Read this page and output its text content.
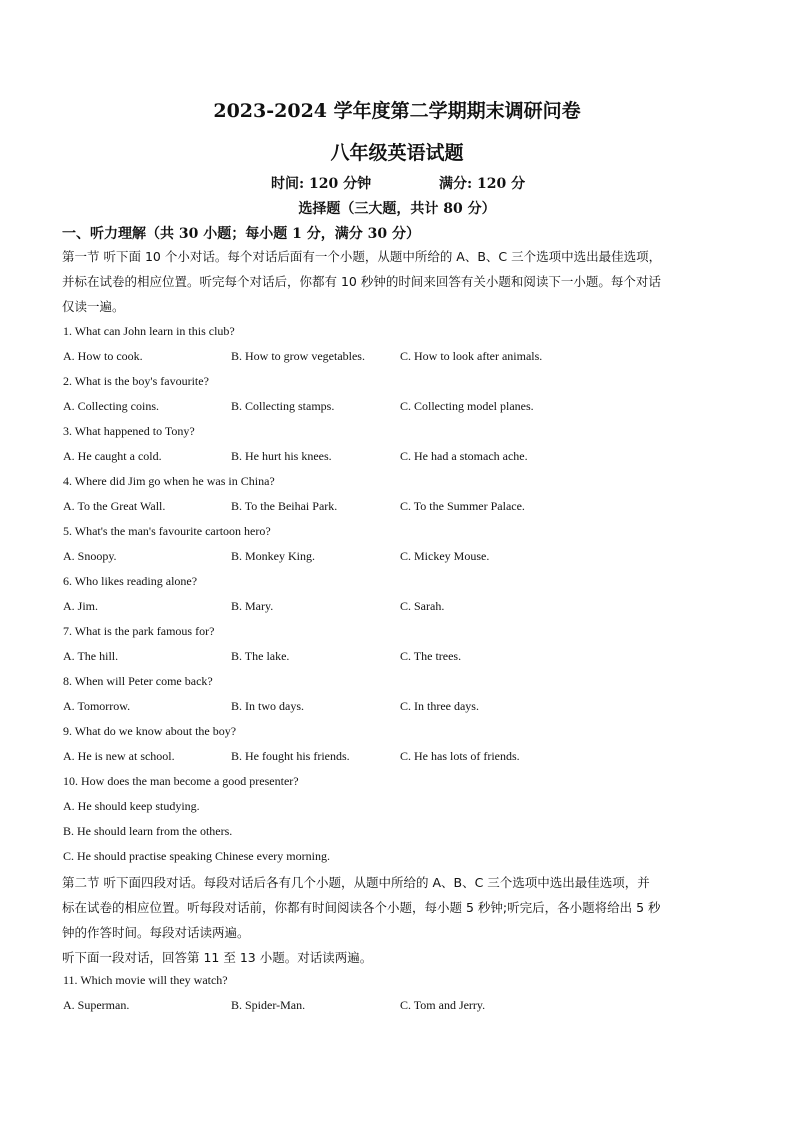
2023-2024 学年度第二学期期末调研问卷
八年级英语试题
时间: 120 分钟	满分: 120 分
选择题（三大题，共计 80 分）
一、听力理解（共 30 小题；每小题 1 分，满分 30 分）
第一节 听下面 10 个小对话。每个对话后面有一个小题，从题中所给的 A、B、C 三个选项中选出最佳选项，
并标在试卷的相应位置。听完每个对话后，你都有 10 秒钟的时间来回答有关小题和阅读下一小题。每个对话
仅读一遍。
1. What can John learn in this club?
A. How to cook.	B. How to grow vegetables.	C. How to look after animals.
2. What is the boy's favourite?
A. Collecting coins.	B. Collecting stamps.	C. Collecting model planes.
3. What happened to Tony?
A. He caught a cold.	B. He hurt his knees.	C. He had a stomach ache.
4. Where did Jim go when he was in China?
A. To the Great Wall.	B. To the Beihai Park.	C. To the Summer Palace.
5. What's the man's favourite cartoon hero?
A. Snoopy.	B. Monkey King.	C. Mickey Mouse.
6. Who likes reading alone?
A. Jim.	B. Mary.	C. Sarah.
7. What is the park famous for?
A. The hill.	B. The lake.	C. The trees.
8. When will Peter come back?
A. Tomorrow.	B. In two days.	C. In three days.
9. What do we know about the boy?
A. He is new at school.	B. He fought his friends.	C. He has lots of friends.
10. How does the man become a good presenter?
A. He should keep studying.
B. He should learn from the others.
C. He should practise speaking Chinese every morning.
第二节 听下面四段对话。每段对话后各有几个小题，从题中所给的 A、B、C 三个选项中选出最佳选项，并
标在试卷的相应位置。听每段对话前，你都有时间阅读各个小题，每小题 5 秒钟;听完后，各小题将给出 5 秒
钟的作答时间。每段对话读两遍。
听下面一段对话，回答第 11 至 13 小题。对话读两遍。
11. Which movie will they watch?
A. Superman.	B. Spider-Man.	C. Tom and Jerry.
